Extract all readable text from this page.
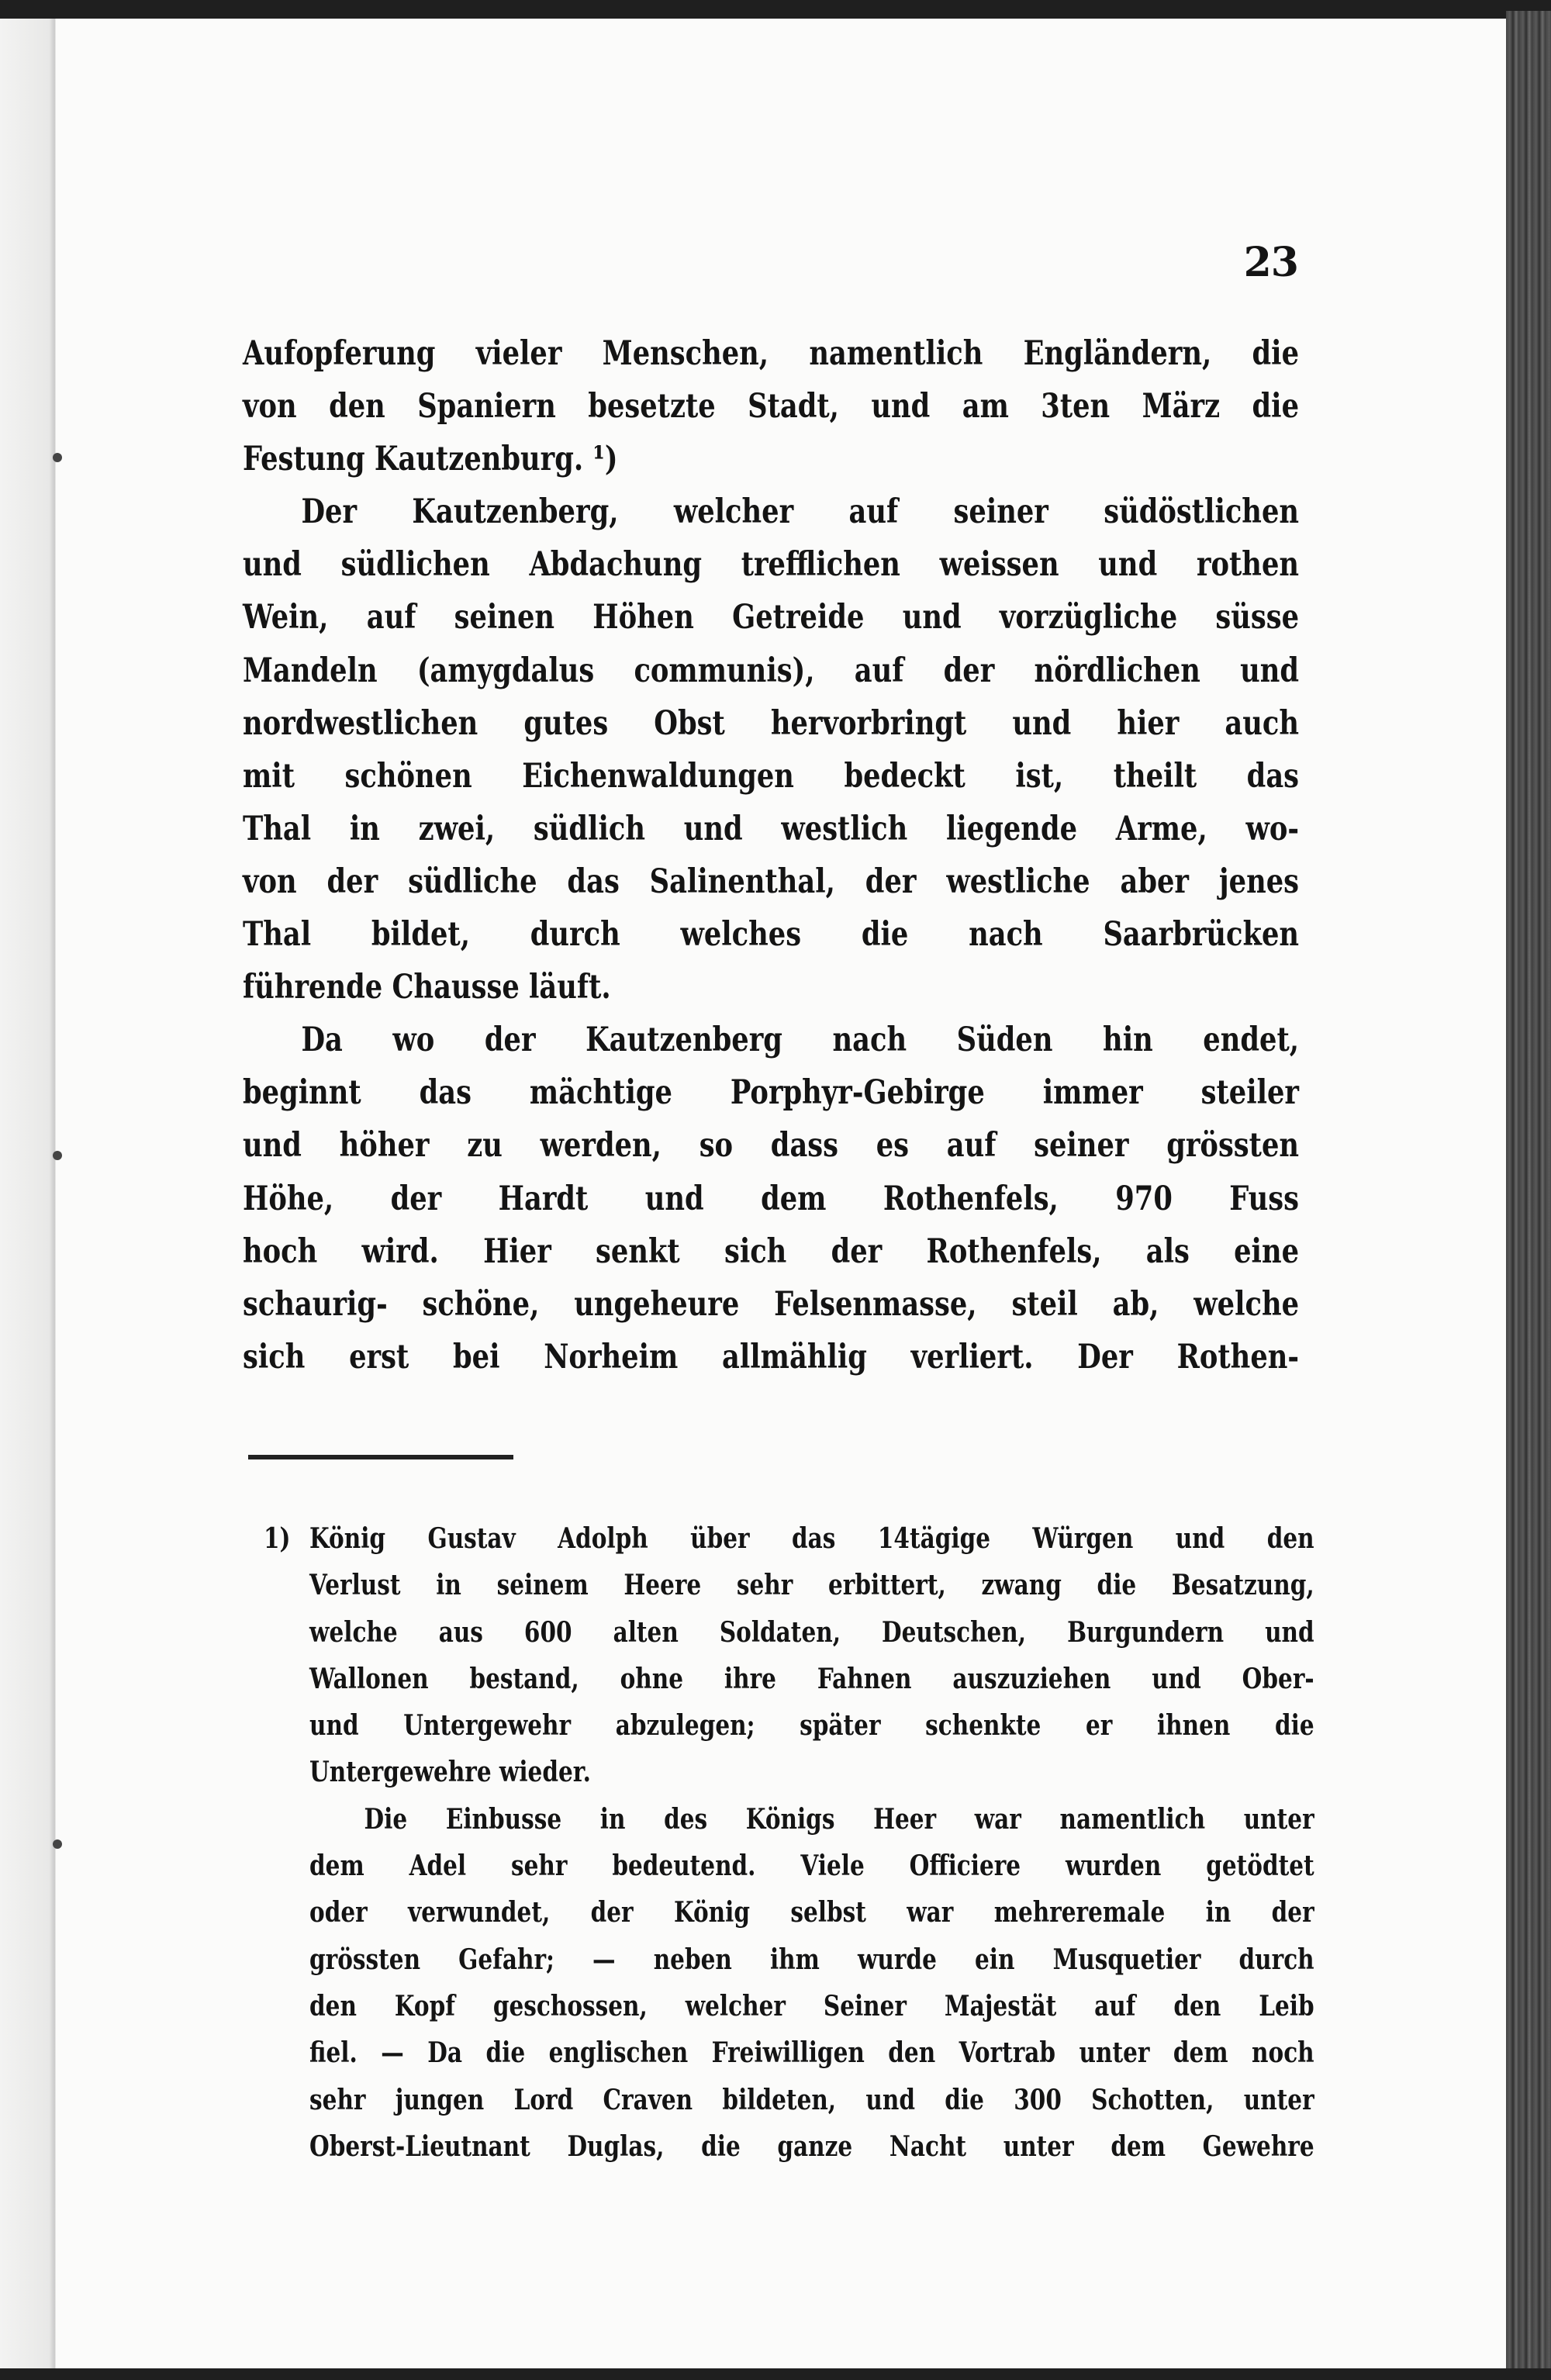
23
Aufopferung vieler Menschen, namentlich Engländern, die
von den Spaniern besetzte Stadt, und am 3ten März die
Festung Kautzenburg. ¹)
Der Kautzenberg, welcher auf seiner südöstlichen
und südlichen Abdachung trefflichen weissen und rothen
Wein, auf seinen Höhen Getreide und vorzügliche süsse
Mandeln (amygdalus communis), auf der nördlichen und
nordwestlichen gutes Obst hervorbringt und hier auch
mit schönen Eichenwaldungen bedeckt ist, theilt das
Thal in zwei, südlich und westlich liegende Arme, wo-
von der südliche das Salinenthal, der westliche aber jenes
Thal bildet, durch welches die nach Saarbrücken
führende Chausse läuft.
Da wo der Kautzenberg nach Süden hin endet,
beginnt das mächtige Porphyr-Gebirge immer steiler
und höher zu werden, so dass es auf seiner grössten
Höhe, der Hardt und dem Rothenfels, 970 Fuss
hoch wird. Hier senkt sich der Rothenfels, als eine
schaurig- schöne, ungeheure Felsenmasse, steil ab, welche
sich erst bei Norheim allmählig verliert. Der Rothen-
1) König Gustav Adolph über das 14tägige Würgen und den
Verlust in seinem Heere sehr erbittert, zwang die Besatzung,
welche aus 600 alten Soldaten, Deutschen, Burgundern und
Wallonen bestand, ohne ihre Fahnen auszuziehen und Ober-
und Untergewehr abzulegen; später schenkte er ihnen die
Untergewehre wieder.
Die Einbusse in des Königs Heer war namentlich unter
dem Adel sehr bedeutend. Viele Officiere wurden getödtet
oder verwundet, der König selbst war mehreremale in der
grössten Gefahr; — neben ihm wurde ein Musquetier durch
den Kopf geschossen, welcher Seiner Majestät auf den Leib
fiel. — Da die englischen Freiwilligen den Vortrab unter dem noch
sehr jungen Lord Craven bildeten, und die 300 Schotten, unter
Oberst-Lieutnant Duglas, die ganze Nacht unter dem Gewehre
